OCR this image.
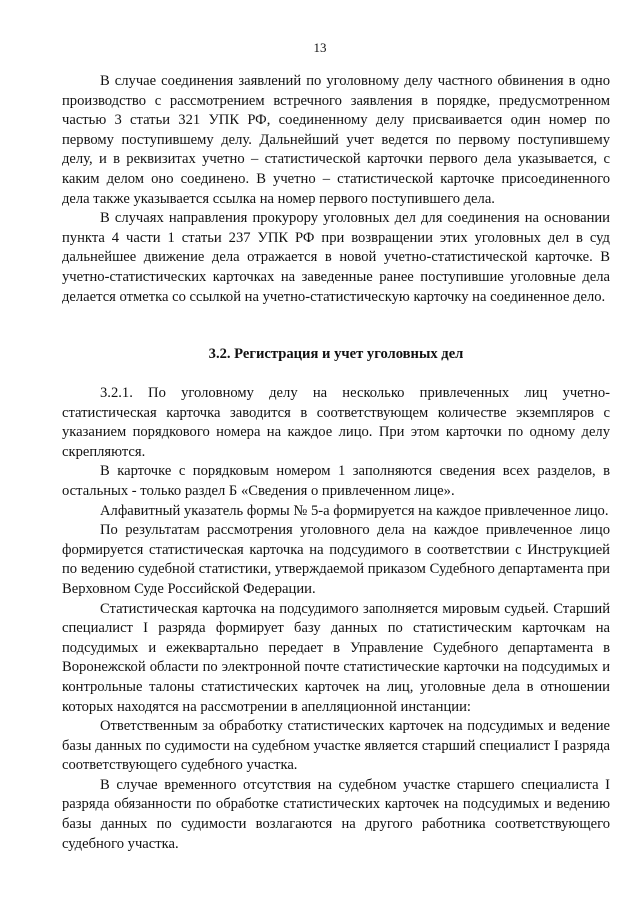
13

В случае соединения заявлений по уголовному делу частного обвинения в одно производство с рассмотрением встречного заявления в порядке, предусмотренном частью 3 статьи 321 УПК РФ, соединенному делу присваивается один номер по первому поступившему делу. Дальнейший учет ведется по первому поступившему делу, и в реквизитах учетно – статистической карточки первого дела указывается, с каким делом оно соединено. В учетно – статистической карточке присоединенного дела также указывается ссылка на номер первого поступившего дела.

В случаях направления прокурору уголовных дел для соединения на основании пункта 4 части 1 статьи 237 УПК РФ при возвращении этих уголовных дел в суд дальнейшее движение дела отражается в новой учетно-статистической карточке. В учетно-статистических карточках на заведенные ранее поступившие уголовные дела делается отметка со ссылкой на учетно-статистическую карточку на соединенное дело.

3.2. Регистрация и учет уголовных дел

3.2.1. По уголовному делу на несколько привлеченных лиц учетно-статистическая карточка заводится в соответствующем количестве экземпляров с указанием порядкового номера на каждое лицо. При этом карточки по одному делу скрепляются.

В карточке с порядковым номером 1 заполняются сведения всех разделов, в остальных - только раздел Б «Сведения о привлеченном лице».

Алфавитный указатель формы № 5-а формируется на каждое привлеченное лицо.

По результатам рассмотрения уголовного дела на каждое привлеченное лицо формируется статистическая карточка на подсудимого в соответствии с Инструкцией по ведению судебной статистики, утверждаемой приказом Судебного департамента при Верховном Суде Российской Федерации.

Статистическая карточка на подсудимого заполняется мировым судьей. Старший специалист I разряда формирует базу данных по статистическим карточкам на подсудимых и ежеквартально передает в Управление Судебного департамента в Воронежской области по электронной почте статистические карточки на подсудимых и контрольные талоны статистических карточек на лиц, уголовные дела в отношении которых находятся на рассмотрении в апелляционной инстанции:

Ответственным за обработку статистических карточек на подсудимых и ведение базы данных по судимости на судебном участке является старший специалист I разряда соответствующего судебного участка.

В случае временного отсутствия на судебном участке старшего специалиста I разряда обязанности по обработке статистических карточек на подсудимых и ведению базы данных по судимости возлагаются на другого работника соответствующего судебного участка.
